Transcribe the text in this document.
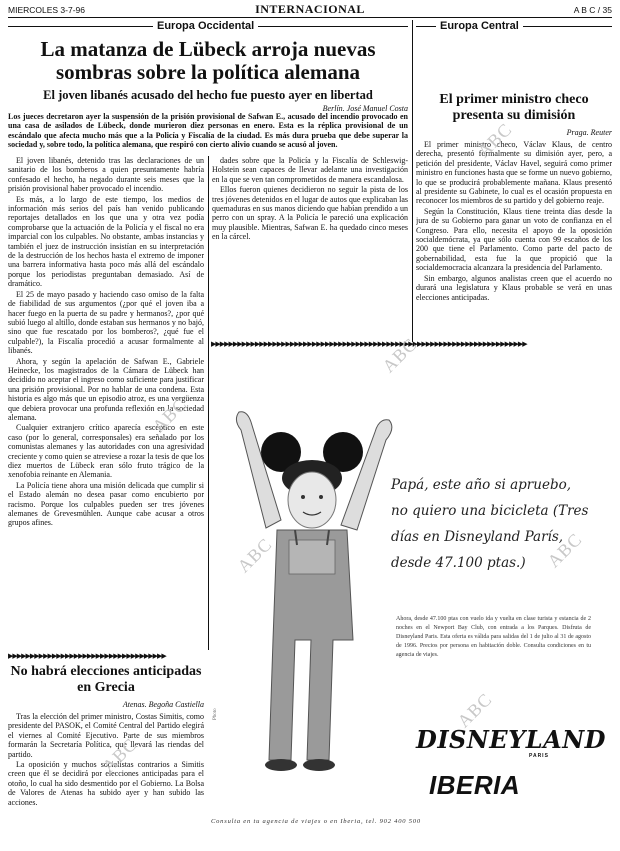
MIERCOLES 3-7-96	INTERNACIONAL	A B C / 35
Europa Occidental	Europa Central
La matanza de Lübeck arroja nuevas sombras sobre la política alemana
El joven libanés acusado del hecho fue puesto ayer en libertad
Berlín. José Manuel Costa
Los jueces decretaron ayer la suspensión de la prisión provisional de Safwan E., acusado del incendio provocado en una casa de asilados de Lübeck, donde murieron diez personas en enero. Esta es la réplica provisional de un escándalo que afecta mucho más que a la Policía y Fiscalía de la ciudad. Es más dura prueba que debe superar la sociedad y, sobre todo, la política alemana, que respiró con cierto alivio cuando se acusó al joven.

El joven libanés, detenido tras las declaraciones de un sanitario de los bomberos a quien presuntamente habría confesado el hecho, ha negado durante seis meses que la prisión provisional haber provocado el incendio.

Es más, a lo largo de este tiempo, los medios de información más serios del país han venido publicando reportajes detallados en los que una y otra vez podía comprobarse que la actuación de la Policía y el fiscal no era imparcial con los culpables. No obstante, ambas instancias y también el juez de instrucción insistían en su interpretación de la destrucción de los hechos hasta el extremo de imponer una barrera informativa hasta poco más allá del escándalo porque los periodistas preguntaban demasiado. Así de dramático.

El 25 de mayo pasado y haciendo caso omiso de la falta de fiabilidad de sus argumentos (¿por qué el joven iba a hacer fuego en la puerta de su padre y hermanos?, ¿por qué subió luego al altillo, donde estaban sus hermanos y no bajó, sino que fue rescatado por los bomberos?, ¿qué fue el culpable?), la Fiscalía procedió a acusar formalmente al libanés.

Ahora, y según la apelación de Safwan E., Gabriele Heinecke, los magistrados de la Cámara de Lübeck han decidido no aceptar el ingreso como suficiente para justificar una prisión provisional. Por no hablar de una condena. Esta historia es algo más que un episodio atroz, es una vergüenza que debiera provocar una profunda reflexión en la sociedad alemana.

Cualquier extranjero crítico aparecía escéptico en este caso (por lo general, corresponsales) era señalado por los comunistas alemanes y las autoridades con una agresividad creciente y como quien se atreviese a rozar la tesis de que los diez muertos de Lübeck eran sólo fruto trágico de la xenofobia reinante en Alemania.

La Policía tiene ahora una misión delicada que cumplir si el Estado alemán no desea pasar como encubierto por racismo. Porque los culpables pueden ser tres jóvenes alemanes de Grevesmühlen. Aunque cabe acusar a otros grupos afines.

dades sobre que la Policía y la Fiscalía de Schleswig-Holstein sean capaces de llevar adelante una investigación en la que se ven tan comprometidos de manera escandalosa.

Ellos fueron quienes decidieron no seguir la pista de los tres jóvenes detenidos en el lugar de autos que explicaban las quemaduras en sus manos diciendo que habían prendido a un perro con un spray. A la Policía le pareció una explicación muy plausible. Mientras, Safwan E. ha quedado cinco meses en la cárcel.

▶▶▶▶▶▶▶▶▶▶▶▶▶▶▶▶▶▶▶▶▶▶▶▶▶▶▶▶▶▶▶▶▶▶▶▶▶▶▶▶▶▶▶▶▶▶▶▶▶▶▶▶▶▶▶▶▶▶▶▶▶▶▶▶▶▶▶▶▶▶▶▶
▶▶▶▶▶▶▶▶▶▶▶▶▶▶▶▶▶▶▶▶▶▶▶▶▶▶▶▶▶▶▶▶▶▶▶▶
No habrá elecciones anticipadas en Grecia
Atenas. Begoña Castiella

Tras la elección del primer ministro, Costas Simitis, como presidente del PASOK, el Comité Central del Partido elegirá el viernes al Comité Ejecutivo. Parte de sus miembros formarán la Secretaría Política, que llevará las riendas del partido.

La oposición y muchos socialistas contrarios a Simitis creen que él se decidirá por elecciones anticipadas para el otoño, lo cual ha sido desmentido por el Gobierno. La Bolsa de Valores de Atenas ha subido ayer y han subido las acciones.

El primer ministro checo presenta su dimisión
Praga. Reuter

El primer ministro checo, Václav Klaus, de centro derecha, presentó formalmente su dimisión ayer, pero, a petición del presidente, Václav Havel, seguirá como primer ministro en funciones hasta que se forme un nuevo gobierno, lo que se producirá probablemente mañana. Klaus presentó al presidente su Gabinete, lo cual es el ocasión propuesta en reconocer los miembros de su partido y del gobierno reaje.

Según la Constitución, Klaus tiene treinta días desde la jura de su Gobierno para ganar un voto de confianza en el Congreso. Para ello, necesita el apoyo de la oposición socialdemócrata, ya que sólo cuenta con 99 escaños de los 200 que tiene el Parlamento. Como parte del pacto de gobernabilidad, esta fue la que propició que la socialdemocracia alcanzara la presidencia del Parlamento.

Sin embargo, algunos analistas creen que el acuerdo no durará una legislatura y Klaus probable se verá en unas elecciones anticipadas.

Papá, este año si apruebo, no quiero una bicicleta (Tres días en Disneyland París, desde 47.100 ptas.)
Ahora, desde 47.100 ptas con vuelo ida y vuelta en clase turista y estancia de 2 noches en el Newport Bay Club, con entrada a los Parques. Disfruta de Disneyland Paris. Esta oferta es válida para salidas del 1 de julio al 31 de agosto de 1996. Precios por persona en habitación doble. Consulta condiciones en tu agencia de viajes.
DISNEYLAND
PARIS
IBERIA
Photo
Consulta en tu agencia de viajes o en Iberia, tel. 902 400 500
ABC
ABC
ABC
ABC
ABC
ABC
ABC
